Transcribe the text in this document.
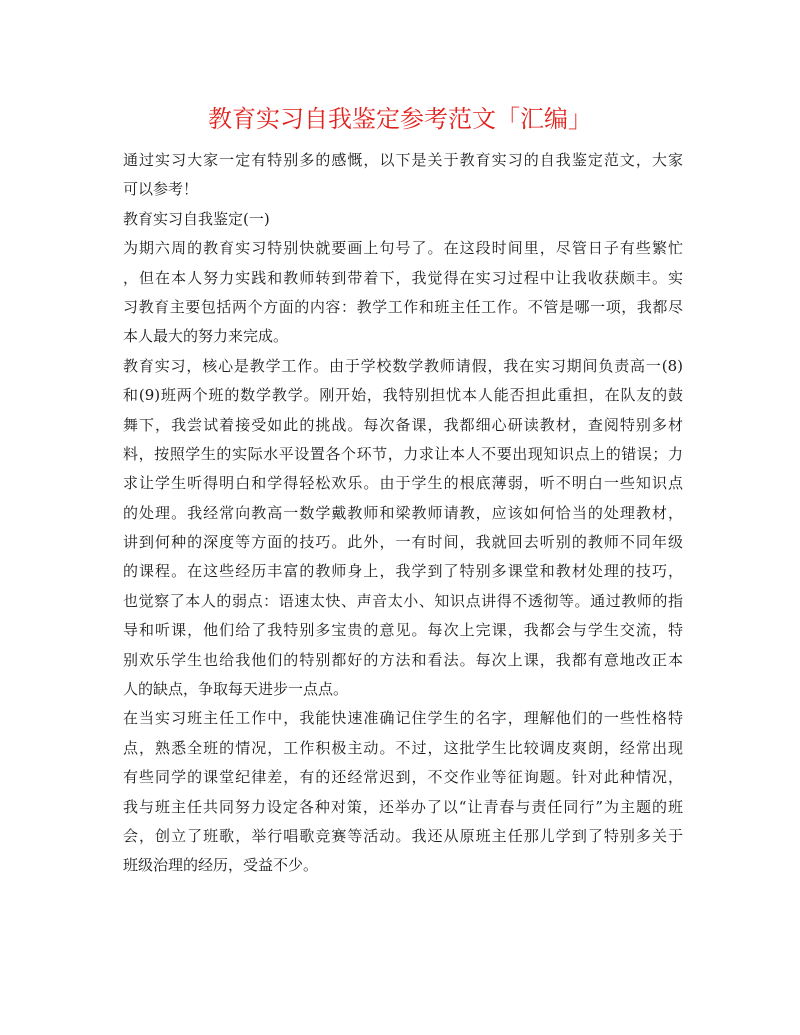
教育实习自我鉴定参考范文「汇编」
通过实习大家一定有特别多的感慨，以下是关于教育实习的自我鉴定范文，大家
可以参考！
教育实习自我鉴定(一)
为期六周的教育实习特别快就要画上句号了。在这段时间里，尽管日子有些繁忙
，但在本人努力实践和教师转到带着下，我觉得在实习过程中让我收获颇丰。实
习教育主要包括两个方面的内容：教学工作和班主任工作。不管是哪一项，我都尽
本人最大的努力来完成。
教育实习，核心是教学工作。由于学校数学教师请假，我在实习期间负责高一(8)
和(9)班两个班的数学教学。刚开始，我特别担忧本人能否担此重担，在队友的鼓
舞下，我尝试着接受如此的挑战。每次备课，我都细心研读教材，查阅特别多材
料，按照学生的实际水平设置各个环节，力求让本人不要出现知识点上的错误；力
求让学生听得明白和学得轻松欢乐。由于学生的根底薄弱，听不明白一些知识点
的处理。我经常向教高一数学戴教师和梁教师请教，应该如何恰当的处理教材，
讲到何种的深度等方面的技巧。此外，一有时间，我就回去听别的教师不同年级
的课程。在这些经历丰富的教师身上，我学到了特别多课堂和教材处理的技巧，
也觉察了本人的弱点：语速太快、声音太小、知识点讲得不透彻等。通过教师的指
导和听课，他们给了我特别多宝贵的意见。每次上完课，我都会与学生交流，特
别欢乐学生也给我他们的特别都好的方法和看法。每次上课，我都有意地改正本
人的缺点，争取每天进步一点点。
在当实习班主任工作中，我能快速准确记住学生的名字，理解他们的一些性格特
点，熟悉全班的情况，工作积极主动。不过，这批学生比较调皮爽朗，经常出现
有些同学的课堂纪律差，有的还经常迟到，不交作业等征询题。针对此种情况，
我与班主任共同努力设定各种对策，还举办了以“让青春与责任同行”为主题的班
会，创立了班歌，举行唱歌竞赛等活动。我还从原班主任那儿学到了特别多关于
班级治理的经历，受益不少。
